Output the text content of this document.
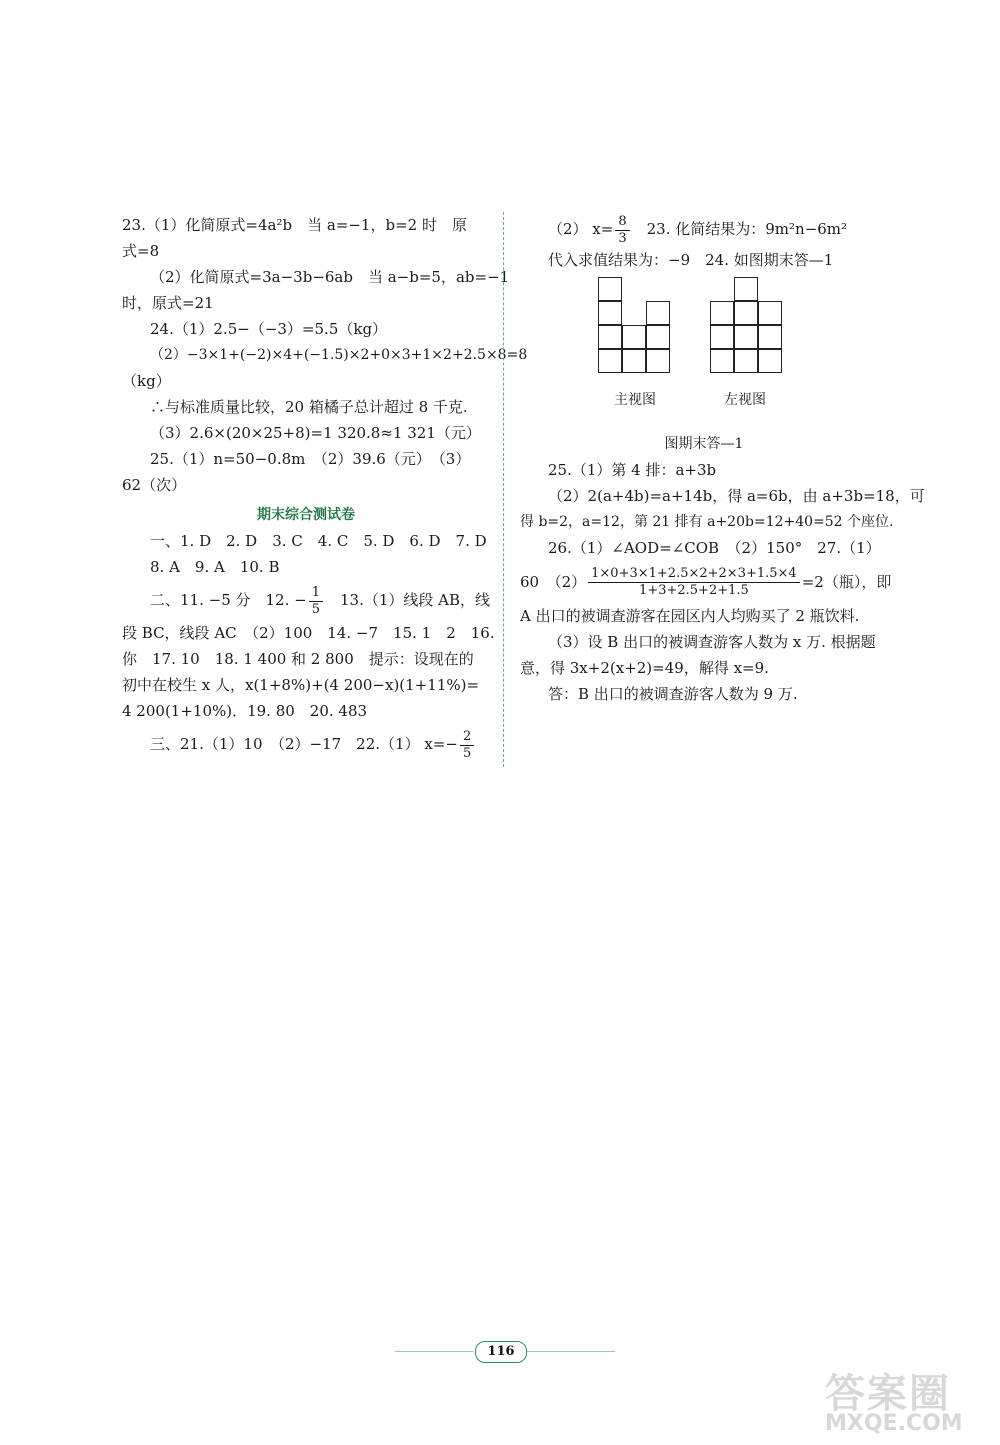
23.（1）化简原式=4a²b　当 a=−1，b=2 时　原
式=8
（2）化简原式=3a−3b−6ab　当 a−b=5，ab=−1
时，原式=21
24.（1）2.5−（−3）=5.5（kg）
（2）−3×1+(−2)×4+(−1.5)×2+0×3+1×2+2.5×8=8
（kg）
∴与标准质量比较，20 箱橘子总计超过 8 千克.
（3）2.6×(20×25+8)=1 320.8≈1 321（元）
25.（1）n=50−0.8m　（2）39.6（元）　（3）
62（次）
期末综合测试卷
一、1. D　2. D　3. C　4. C　5. D　6. D　7. D
8. A　9. A　10. B
二、11. −5 分　12. − $\frac{1}{5}$ 　13.（1）线段 AB，线
段 BC，线段 AC　（2）100　14. −7　15. 1　2　16.
你　17. 10　18. 1 400 和 2 800　提示：设现在的
初中在校生 x 人，x(1+8%)+(4 200−x)(1+11%)=
4 200(1+10%)．19. 80　20. 483
三、21.（1）10　（2）−17　22.（1） $x=- \frac{2}{5}$
（2） $x= \frac{8}{3}$ 　23. 化简结果为：9m²n−6m²
代入求值结果为：−9　24. 如图期末答—1
主视图	左视图
图期末答—1
25.（1）第 4 排：a+3b
（2）2(a+4b)=a+14b，得 a=6b，由 a+3b=18，可
得 b=2，a=12，第 21 排有 a+20b=12+40=52 个座位.
26.（1）∠AOD=∠COB　（2）150°　27.（1）
60　$(2) \frac{1\times 0+3\times 1+2.5\times 2+2\times 3+1.5\times 4}{1+3+2.5+2+1.5} =2$（瓶），即
A 出口的被调查游客在园区内人均购买了 2 瓶饮料.
（3）设 B 出口的被调查游客人数为 x 万. 根据题
意，得 3x+2(x+2)=49，解得 x=9.
答：B 出口的被调查游客人数为 9 万.
116
答案圈
MXQE.COM
